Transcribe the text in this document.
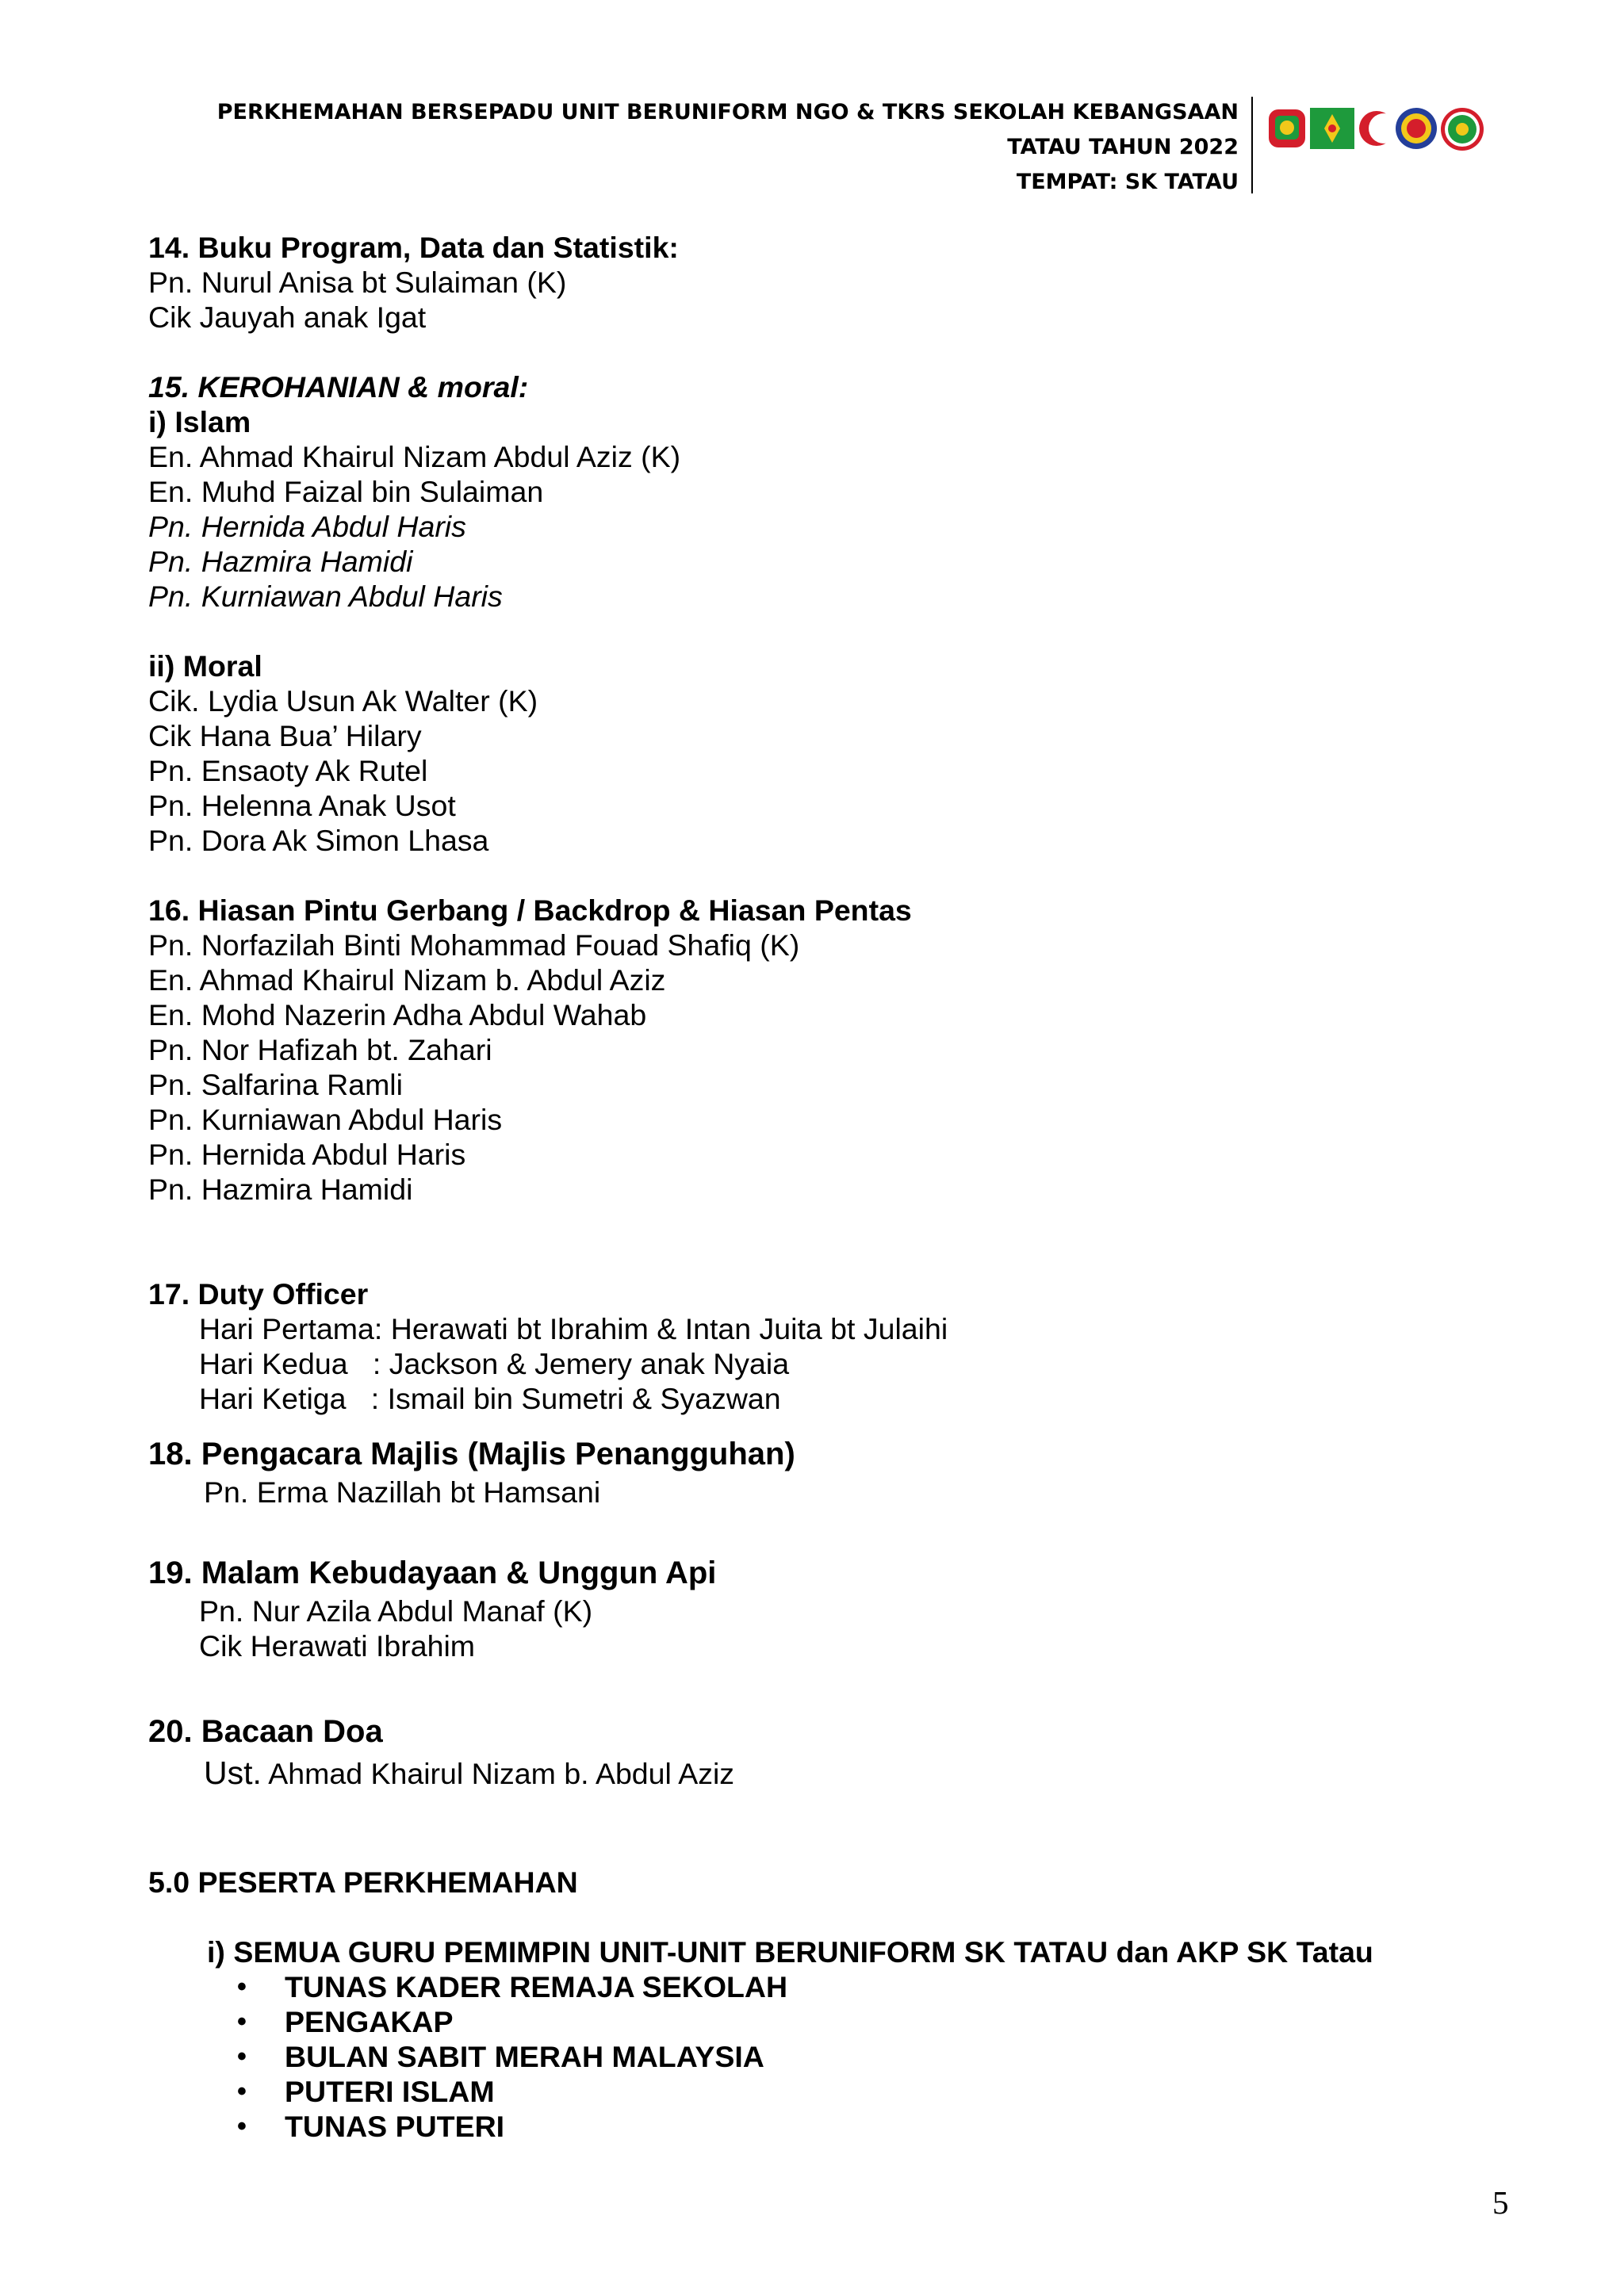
PERKHEMAHAN BERSEPADU UNIT BERUNIFORM NGO & TKRS SEKOLAH KEBANGSAAN
TATAU TAHUN 2022
TEMPAT: SK TATAU
14. Buku Program, Data dan Statistik:
Pn. Nurul Anisa bt Sulaiman (K)
Cik Jauyah anak Igat
15. KEROHANIAN & moral:
i) Islam
En. Ahmad Khairul Nizam Abdul Aziz (K)
En. Muhd Faizal bin Sulaiman
Pn. Hernida Abdul Haris
Pn. Hazmira Hamidi
Pn. Kurniawan Abdul Haris
ii) Moral
Cik. Lydia Usun Ak Walter (K)
Cik Hana Bua’ Hilary
Pn. Ensaoty Ak Rutel
Pn. Helenna Anak Usot
Pn. Dora Ak Simon Lhasa
16. Hiasan Pintu Gerbang / Backdrop & Hiasan Pentas
Pn. Norfazilah Binti Mohammad Fouad Shafiq (K)
En. Ahmad Khairul Nizam b. Abdul Aziz
En. Mohd Nazerin Adha Abdul Wahab
Pn. Nor Hafizah bt. Zahari
Pn. Salfarina Ramli
Pn. Kurniawan Abdul Haris
Pn. Hernida Abdul Haris
Pn. Hazmira Hamidi
17. Duty Officer
Hari Pertama: Herawati bt Ibrahim & Intan Juita bt Julaihi
Hari Kedua   : Jackson & Jemery anak Nyaia
Hari Ketiga   : Ismail bin Sumetri & Syazwan
18. Pengacara Majlis (Majlis Penangguhan)
Pn. Erma Nazillah bt Hamsani
19. Malam Kebudayaan & Unggun Api
Pn. Nur Azila Abdul Manaf (K)
Cik Herawati Ibrahim
20. Bacaan Doa
Ust. Ahmad Khairul Nizam b. Abdul Aziz
5.0 PESERTA PERKHEMAHAN
i) SEMUA GURU PEMIMPIN UNIT-UNIT BERUNIFORM SK TATAU dan AKP SK Tatau
•	TUNAS KADER REMAJA SEKOLAH
•	PENGAKAP
•	BULAN SABIT MERAH MALAYSIA
•	PUTERI ISLAM
•	TUNAS PUTERI
5
